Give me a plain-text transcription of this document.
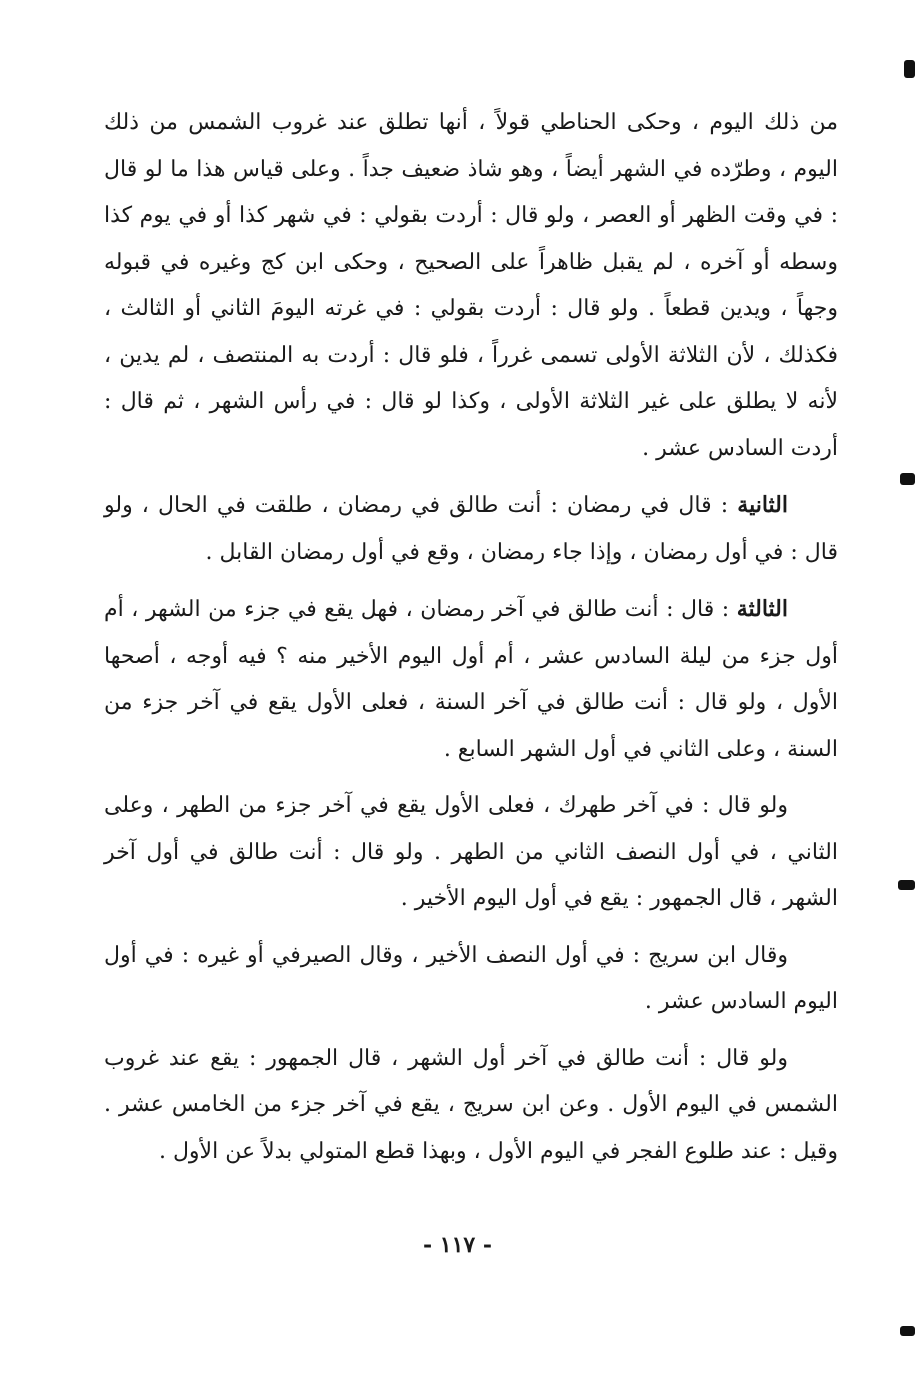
من ذلك اليوم ، وحكى الحناطي قولاً ، أنها تطلق عند غروب الشمس من ذلك اليوم ، وطرّده في الشهر أيضاً ، وهو شاذ ضعيف جداً . وعلى قياس هذا ما لو قال : في وقت الظهر أو العصر ، ولو قال : أردت بقولي : في شهر كذا أو في يوم كذا وسطه أو آخره ، لم يقبل ظاهراً على الصحيح ، وحكى ابن كج وغيره في قبوله وجهاً ، ويدين قطعاً . ولو قال : أردت بقولي : في غرته اليومَ الثاني أو الثالث ، فكذلك ، لأن الثلاثة الأولى تسمى غرراً ، فلو قال : أردت به المنتصف ، لم يدين ، لأنه لا يطلق على غير الثلاثة الأولى ، وكذا لو قال : في رأس الشهر ، ثم قال : أردت السادس عشر .

الثانية : قال في رمضان : أنت طالق في رمضان ، طلقت في الحال ، ولو قال : في أول رمضان ، وإذا جاء رمضان ، وقع في أول رمضان القابل .

الثالثة : قال : أنت طالق في آخر رمضان ، فهل يقع في جزء من الشهر ، أم أول جزء من ليلة السادس عشر ، أم أول اليوم الأخير منه ؟ فيه أوجه ، أصحها الأول ، ولو قال : أنت طالق في آخر السنة ، فعلى الأول يقع في آخر جزء من السنة ، وعلى الثاني في أول الشهر السابع .

ولو قال : في آخر طهرك ، فعلى الأول يقع في آخر جزء من الطهر ، وعلى الثاني ، في أول النصف الثاني من الطهر . ولو قال : أنت طالق في أول آخر الشهر ، قال الجمهور : يقع في أول اليوم الأخير .

وقال ابن سريج : في أول النصف الأخير ، وقال الصيرفي أو غيره : في أول اليوم السادس عشر .

ولو قال : أنت طالق في آخر أول الشهر ، قال الجمهور : يقع عند غروب الشمس في اليوم الأول . وعن ابن سريج ، يقع في آخر جزء من الخامس عشر . وقيل : عند طلوع الفجر في اليوم الأول ، وبهذا قطع المتولي بدلاً عن الأول .

- ١١٧ -
